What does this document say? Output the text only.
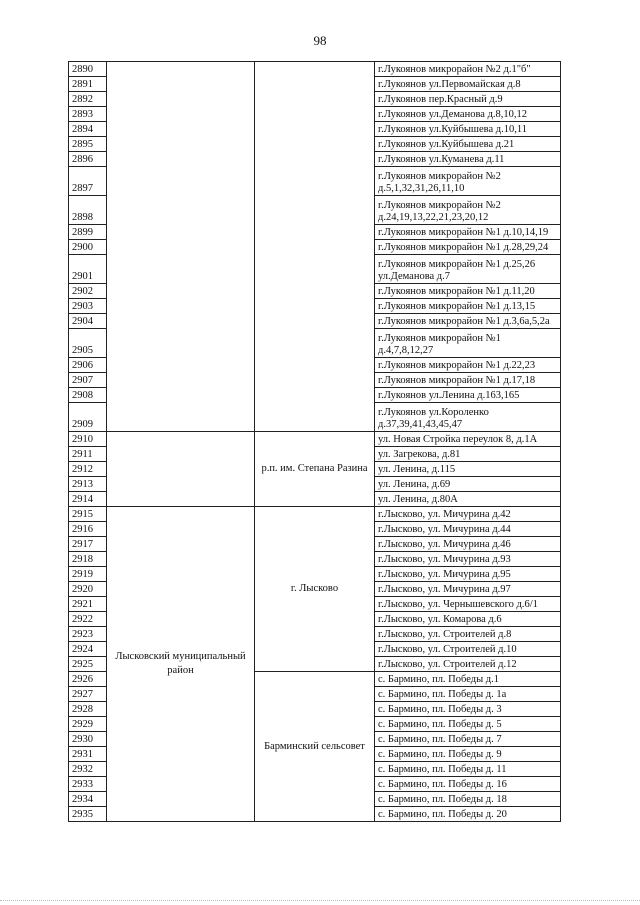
98
2890			г.Лукоянов микрорайон №2 д.1"б"
2891			г.Лукоянов ул.Первомайская д.8
2892			г.Лукоянов пер.Красный д.9
2893			г.Лукоянов ул.Деманова д.8,10,12
2894			г.Лукоянов ул.Куйбышева д.10,11
2895			г.Лукоянов ул.Куйбышева д.21
2896			г.Лукоянов ул.Куманева д.11
2897			г.Лукоянов микрорайон №2 д.5,1,32,31,26,11,10
2898			г.Лукоянов микрорайон №2 д.24,19,13,22,21,23,20,12
2899			г.Лукоянов микрорайон №1 д.10,14,19
2900			г.Лукоянов микрорайон №1 д.28,29,24
2901			г.Лукоянов микрорайон №1 д.25,26 ул.Деманова д.7
2902			г.Лукоянов микрорайон №1 д.11,20
2903			г.Лукоянов микрорайон №1 д.13,15
2904			г.Лукоянов микрорайон №1 д.3,6а,5,2а
2905			г.Лукоянов микрорайон №1 д.4,7,8,12,27
2906			г.Лукоянов микрорайон №1 д.22,23
2907			г.Лукоянов микрорайон №1 д.17,18
2908			г.Лукоянов ул.Ленина д.163,165
2909			г.Лукоянов ул.Короленко д.37,39,41,43,45,47
2910		р.п. им. Степана Разина	ул. Новая Стройка переулок 8, д.1А
2911			ул. Загрекова, д.81
2912			ул. Ленина, д.115
2913			ул. Ленина, д.69
2914			ул. Ленина, д.80А
2915	Лысковский муниципальный район	г. Лысково	г.Лысково, ул. Мичурина д.42
2916			г.Лысково, ул. Мичурина д.44
2917			г.Лысково, ул. Мичурина д.46
2918			г.Лысково, ул. Мичурина д.93
2919			г.Лысково, ул. Мичурина д.95
2920			г.Лысково, ул. Мичурина д.97
2921			г.Лысково, ул. Чернышевского д.6/1
2922			г.Лысково, ул. Комарова д.6
2923			г.Лысково, ул. Строителей д.8
2924			г.Лысково, ул. Строителей д.10
2925			г.Лысково, ул. Строителей д.12
2926		Барминский сельсовет	с. Бармино, пл. Победы д.1
2927			с. Бармино, пл. Победы д. 1а
2928			с. Бармино, пл. Победы д. 3
2929			с. Бармино, пл. Победы д. 5
2930			с. Бармино, пл. Победы д. 7
2931			с. Бармино, пл. Победы д. 9
2932			с. Бармино, пл. Победы д. 11
2933			с. Бармино, пл. Победы д. 16
2934			с. Бармино, пл. Победы д. 18
2935			с. Бармино, пл. Победы д. 20
